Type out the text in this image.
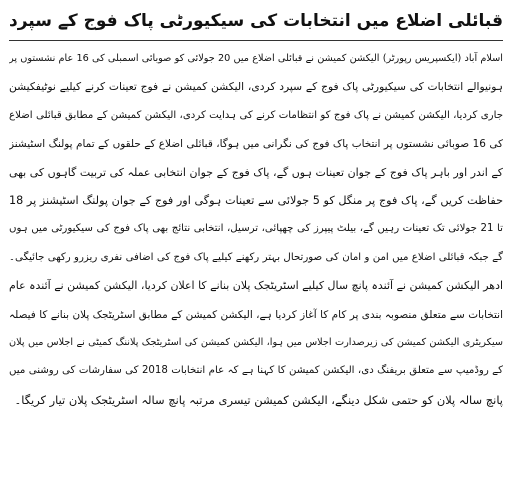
قبائلی اضلاع میں انتخابات کی سیکیورٹی پاک فوج کے سپرد
اسلام آباد (ایکسپریس رپورٹر) الیکشن کمیشن نے قبائلی اضلاع میں 20 جولائی کو صوبائی اسمبلی کی 16 عام نشستوں پر
ہونیوالے انتخابات کی سیکیورٹی پاک فوج کے سپرد کردی، الیکشن کمیشن نے فوج تعینات کرنے کیلیے نوٹیفکیشن
جاری کردیا، الیکشن کمیشن نے پاک فوج کو انتظامات کرنے کی ہدایت کردی، الیکشن کمیشن کے مطابق قبائلی اضلاع
کی 16 صوبائی نشستوں پر انتخاب پاک فوج کی نگرانی میں ہوگا، قبائلی اضلاع کے حلقوں کے تمام پولنگ اسٹیشنز
کے اندر اور باہر پاک فوج کے جوان تعینات ہوں گے، پاک فوج کے جوان انتخابی عملہ کی تربیت گاہوں کی بھی
حفاظت کریں گے، پاک فوج پر منگل کو 5 جولائی سے تعینات ہوگی اور فوج کے جوان پولنگ اسٹیشنز پر 18
تا 21 جولائی تک تعینات رہیں گے، بیلٹ پیپرز کی چھپائی، ترسیل، انتخابی نتائج بھی پاک فوج کی سیکیورٹی میں ہوں
گے جبکہ قبائلی اضلاع میں امن و امان کی صورتحال بہتر رکھنے کیلیے پاک فوج کی اضافی نفری ریزرو رکھی جائیگی۔
ادھر الیکشن کمیشن نے آئندہ پانچ سال کیلیے اسٹریٹجک پلان بنانے کا اعلان کردیا، الیکشن کمیشن نے آئندہ عام
انتخابات سے متعلق منصوبہ بندی پر کام کا آغاز کردیا ہے، الیکشن کمیشن کے مطابق اسٹریٹجک پلان بنانے کا فیصلہ
سیکریٹری الیکشن کمیشن کی زیرصدارت اجلاس میں ہوا، الیکشن کمیشن کی اسٹریٹجک پلاننگ کمیٹی نے اجلاس میں پلان
کے روڈمیپ سے متعلق بریفنگ دی، الیکشن کمیشن کا کہنا ہے کہ عام انتخابات 2018 کی سفارشات کی روشنی میں
پانچ سالہ پلان کو حتمی شکل دینگے، الیکشن کمیشن تیسری مرتبہ پانچ سالہ اسٹریٹجک پلان تیار کریگا۔
